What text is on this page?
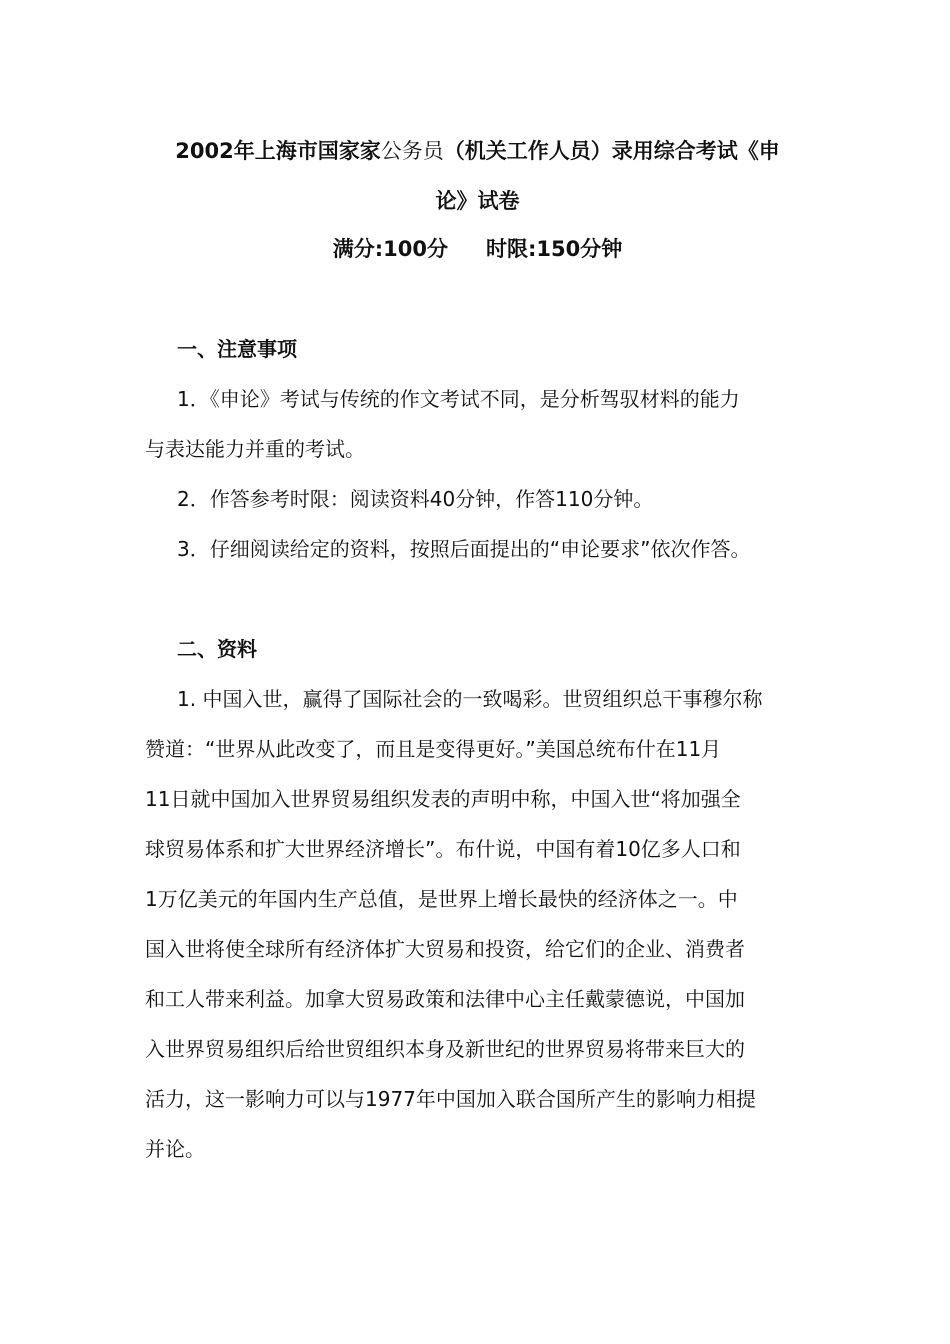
2002年上海市国家家公务员（机关工作人员）录用综合考试《申
论》试卷
满分:100分 时限:150分钟
一、注意事项
1．《申论》考试与传统的作文考试不同，是分析驾驭材料的能力
与表达能力并重的考试。
2．作答参考时限：阅读资料40分钟，作答110分钟。
3．仔细阅读给定的资料，按照后面提出的“申论要求”依次作答。
二、资料
1. 中国入世，赢得了国际社会的一致喝彩。世贸组织总干事穆尔称
赞道：“世界从此改变了，而且是变得更好。”美国总统布什在11月
11日就中国加入世界贸易组织发表的声明中称，中国入世“将加强全
球贸易体系和扩大世界经济增长”。布什说，中国有着10亿多人口和
1万亿美元的年国内生产总值，是世界上增长最快的经济体之一。中
国入世将使全球所有经济体扩大贸易和投资，给它们的企业、消费者
和工人带来利益。加拿大贸易政策和法律中心主任戴蒙德说，中国加
入世界贸易组织后给世贸组织本身及新世纪的世界贸易将带来巨大的
活力，这一影响力可以与1977年中国加入联合国所产生的影响力相提
并论。
